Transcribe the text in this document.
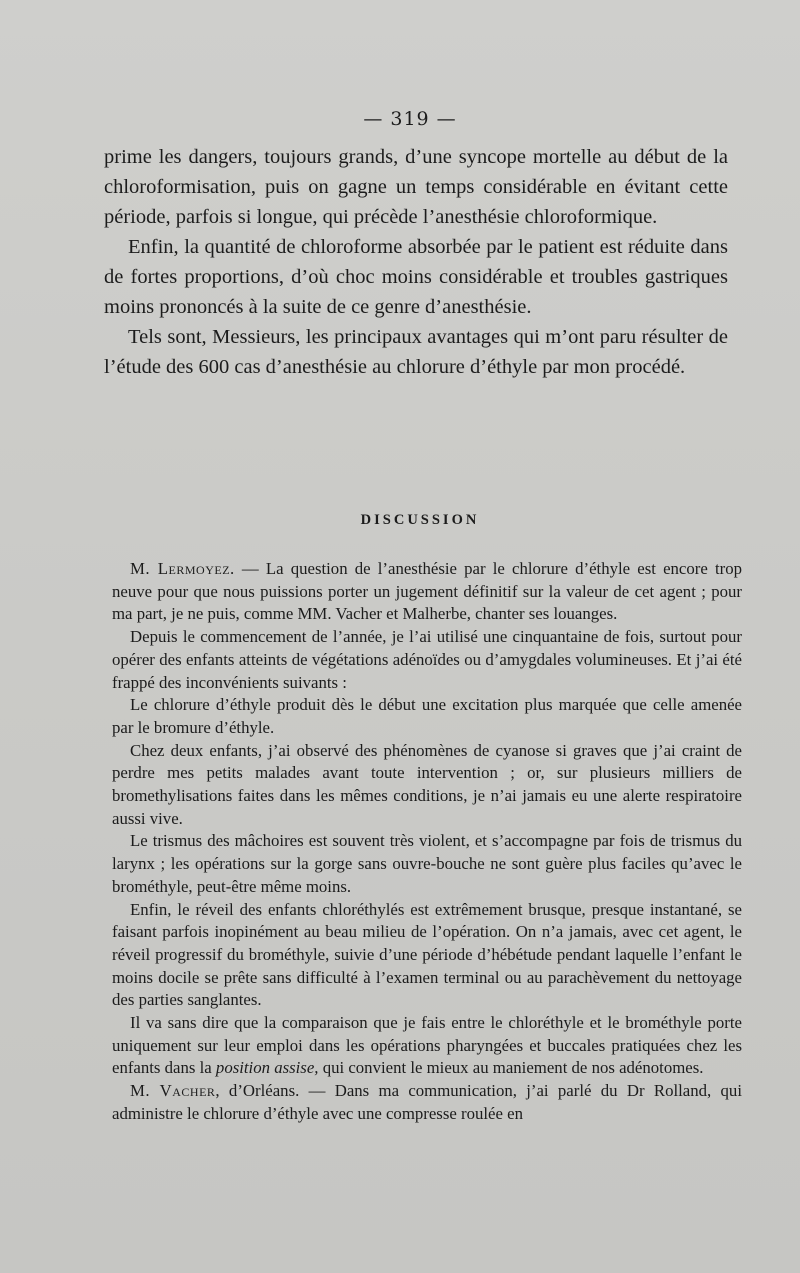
— 319 —

prime les dangers, toujours grands, d’une syncope mortelle au début de la chloroformisation, puis on gagne un temps considérable en évitant cette période, parfois si longue, qui précède l’anesthésie chloroformique.

Enfin, la quantité de chloroforme absorbée par le patient est réduite dans de fortes proportions, d’où choc moins considérable et troubles gastriques moins prononcés à la suite de ce genre d’anesthésie.

Tels sont, Messieurs, les principaux avantages qui m’ont paru résulter de l’étude des 600 cas d’anesthésie au chlorure d’éthyle par mon procédé.

DISCUSSION

M. Lermoyez. — La question de l’anesthésie par le chlorure d’éthyle est encore trop neuve pour que nous puissions porter un jugement définitif sur la valeur de cet agent ; pour ma part, je ne puis, comme MM. Vacher et Malherbe, chanter ses louanges.

Depuis le commencement de l’année, je l’ai utilisé une cinquantaine de fois, surtout pour opérer des enfants atteints de végétations adénoïdes ou d’amygdales volumineuses. Et j’ai été frappé des inconvénients suivants :

Le chlorure d’éthyle produit dès le début une excitation plus marquée que celle amenée par le bromure d’éthyle.

Chez deux enfants, j’ai observé des phénomènes de cyanose si graves que j’ai craint de perdre mes petits malades avant toute intervention ; or, sur plusieurs milliers de bromethylisations faites dans les mêmes conditions, je n’ai jamais eu une alerte respiratoire aussi vive.

Le trismus des mâchoires est souvent très violent, et s’accompagne par fois de trismus du larynx ; les opérations sur la gorge sans ouvre-bouche ne sont guère plus faciles qu’avec le brométhyle, peut-être même moins.

Enfin, le réveil des enfants chloréthylés est extrêmement brusque, presque instantané, se faisant parfois inopinément au beau milieu de l’opération. On n’a jamais, avec cet agent, le réveil progressif du brométhyle, suivie d’une période d’hébétude pendant laquelle l’enfant le moins docile se prête sans difficulté à l’examen terminal ou au parachèvement du nettoyage des parties sanglantes.

Il va sans dire que la comparaison que je fais entre le chloréthyle et le brométhyle porte uniquement sur leur emploi dans les opérations pharyngées et buccales pratiquées chez les enfants dans la position assise, qui convient le mieux au maniement de nos adénotomes.

M. Vacher, d’Orléans. — Dans ma communication, j’ai parlé du Dr Rolland, qui administre le chlorure d’éthyle avec une compresse roulée en
